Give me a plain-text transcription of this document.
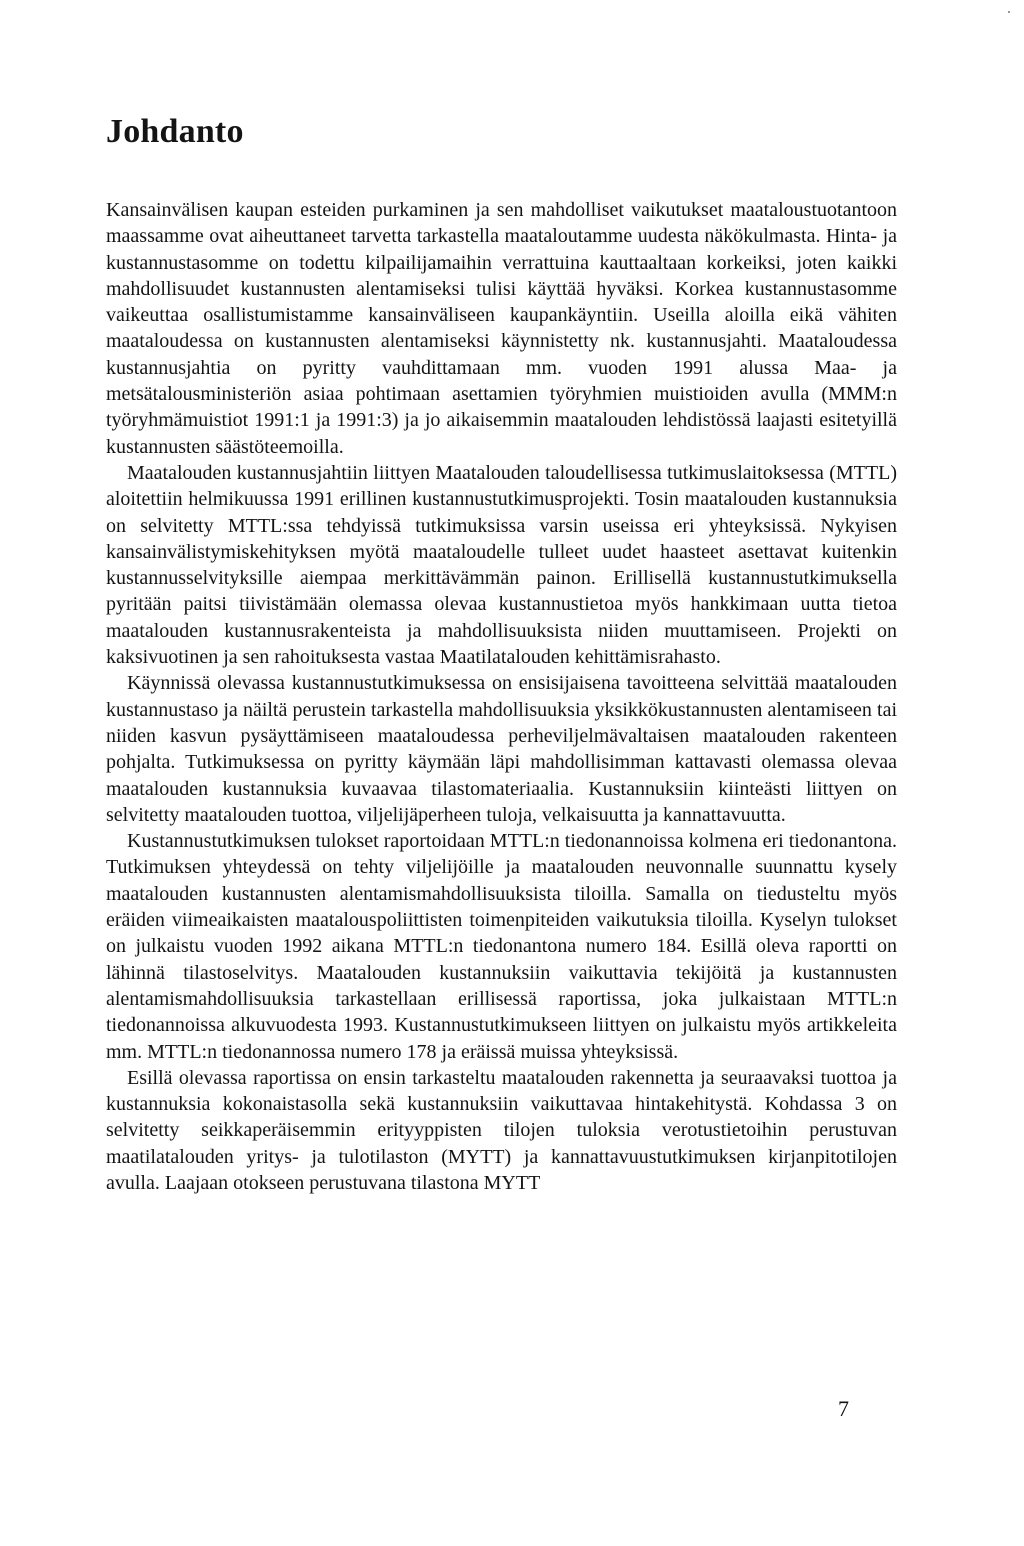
Johdanto

Kansainvälisen kaupan esteiden purkaminen ja sen mahdolliset vaikutukset maataloustuotantoon maassamme ovat aiheuttaneet tarvetta tarkastella maataloutamme uudesta näkökulmasta. Hinta- ja kustannustasomme on todettu kilpailijamaihin verrattuina kauttaaltaan korkeiksi, joten kaikki mahdollisuudet kustannusten alentamiseksi tulisi käyttää hyväksi. Korkea kustannustasomme vaikeuttaa osallistumistamme kansainväliseen kaupankäyntiin. Useilla aloilla eikä vähiten maataloudessa on kustannusten alentamiseksi käynnistetty nk. kustannusjahti. Maataloudessa kustannusjahtia on pyritty vauhdittamaan mm. vuoden 1991 alussa Maa- ja metsätalousministeriön asiaa pohtimaan asettamien työryhmien muistioiden avulla (MMM:n työryhmämuistiot 1991:1 ja 1991:3) ja jo aikaisemmin maatalouden lehdistössä laajasti esitetyillä kustannusten säästöteemoilla.

Maatalouden kustannusjahtiin liittyen Maatalouden taloudellisessa tutkimuslaitoksessa (MTTL) aloitettiin helmikuussa 1991 erillinen kustannustutkimusprojekti. Tosin maatalouden kustannuksia on selvitetty MTTL:ssa tehdyissä tutkimuksissa varsin useissa eri yhteyksissä. Nykyisen kansainvälistymiskehityksen myötä maataloudelle tulleet uudet haasteet asettavat kuitenkin kustannusselvityksille aiempaa merkittävämmän painon. Erillisellä kustannustutkimuksella pyritään paitsi tiivistämään olemassa olevaa kustannustietoa myös hankkimaan uutta tietoa maatalouden kustannusrakenteista ja mahdollisuuksista niiden muuttamiseen. Projekti on kaksivuotinen ja sen rahoituksesta vastaa Maatilatalouden kehittämisrahasto.

Käynnissä olevassa kustannustutkimuksessa on ensisijaisena tavoitteena selvittää maatalouden kustannustaso ja näiltä perustein tarkastella mahdollisuuksia yksikkökustannusten alentamiseen tai niiden kasvun pysäyttämiseen maataloudessa perheviljelmävaltaisen maatalouden rakenteen pohjalta. Tutkimuksessa on pyritty käymään läpi mahdollisimman kattavasti olemassa olevaa maatalouden kustannuksia kuvaavaa tilastomateriaalia. Kustannuksiin kiinteästi liittyen on selvitetty maatalouden tuottoa, viljelijäperheen tuloja, velkaisuutta ja kannattavuutta.

Kustannustutkimuksen tulokset raportoidaan MTTL:n tiedonannoissa kolmena eri tiedonantona. Tutkimuksen yhteydessä on tehty viljelijöille ja maatalouden neuvonnalle suunnattu kysely maatalouden kustannusten alentamismahdollisuuksista tiloilla. Samalla on tiedusteltu myös eräiden viimeaikaisten maatalouspoliittisten toimenpiteiden vaikutuksia tiloilla. Kyselyn tulokset on julkaistu vuoden 1992 aikana MTTL:n tiedonantona numero 184. Esillä oleva raportti on lähinnä tilastoselvitys. Maatalouden kustannuksiin vaikuttavia tekijöitä ja kustannusten alentamismahdollisuuksia tarkastellaan erillisessä raportissa, joka julkaistaan MTTL:n tiedonannoissa alkuvuodesta 1993. Kustannustutkimukseen liittyen on julkaistu myös artikkeleita mm. MTTL:n tiedonannossa numero 178 ja eräissä muissa yhteyksissä.

Esillä olevassa raportissa on ensin tarkasteltu maatalouden rakennetta ja seuraavaksi tuottoa ja kustannuksia kokonaistasolla sekä kustannuksiin vaikuttavaa hintakehitystä. Kohdassa 3 on selvitetty seikkaperäisemmin erityyppisten tilojen tuloksia verotustietoihin perustuvan maatilatalouden yritys- ja tulotilaston (MYTT) ja kannattavuustutkimuksen kirjanpitotilojen avulla. Laajaan otokseen perustuvana tilastona MYTT

7
